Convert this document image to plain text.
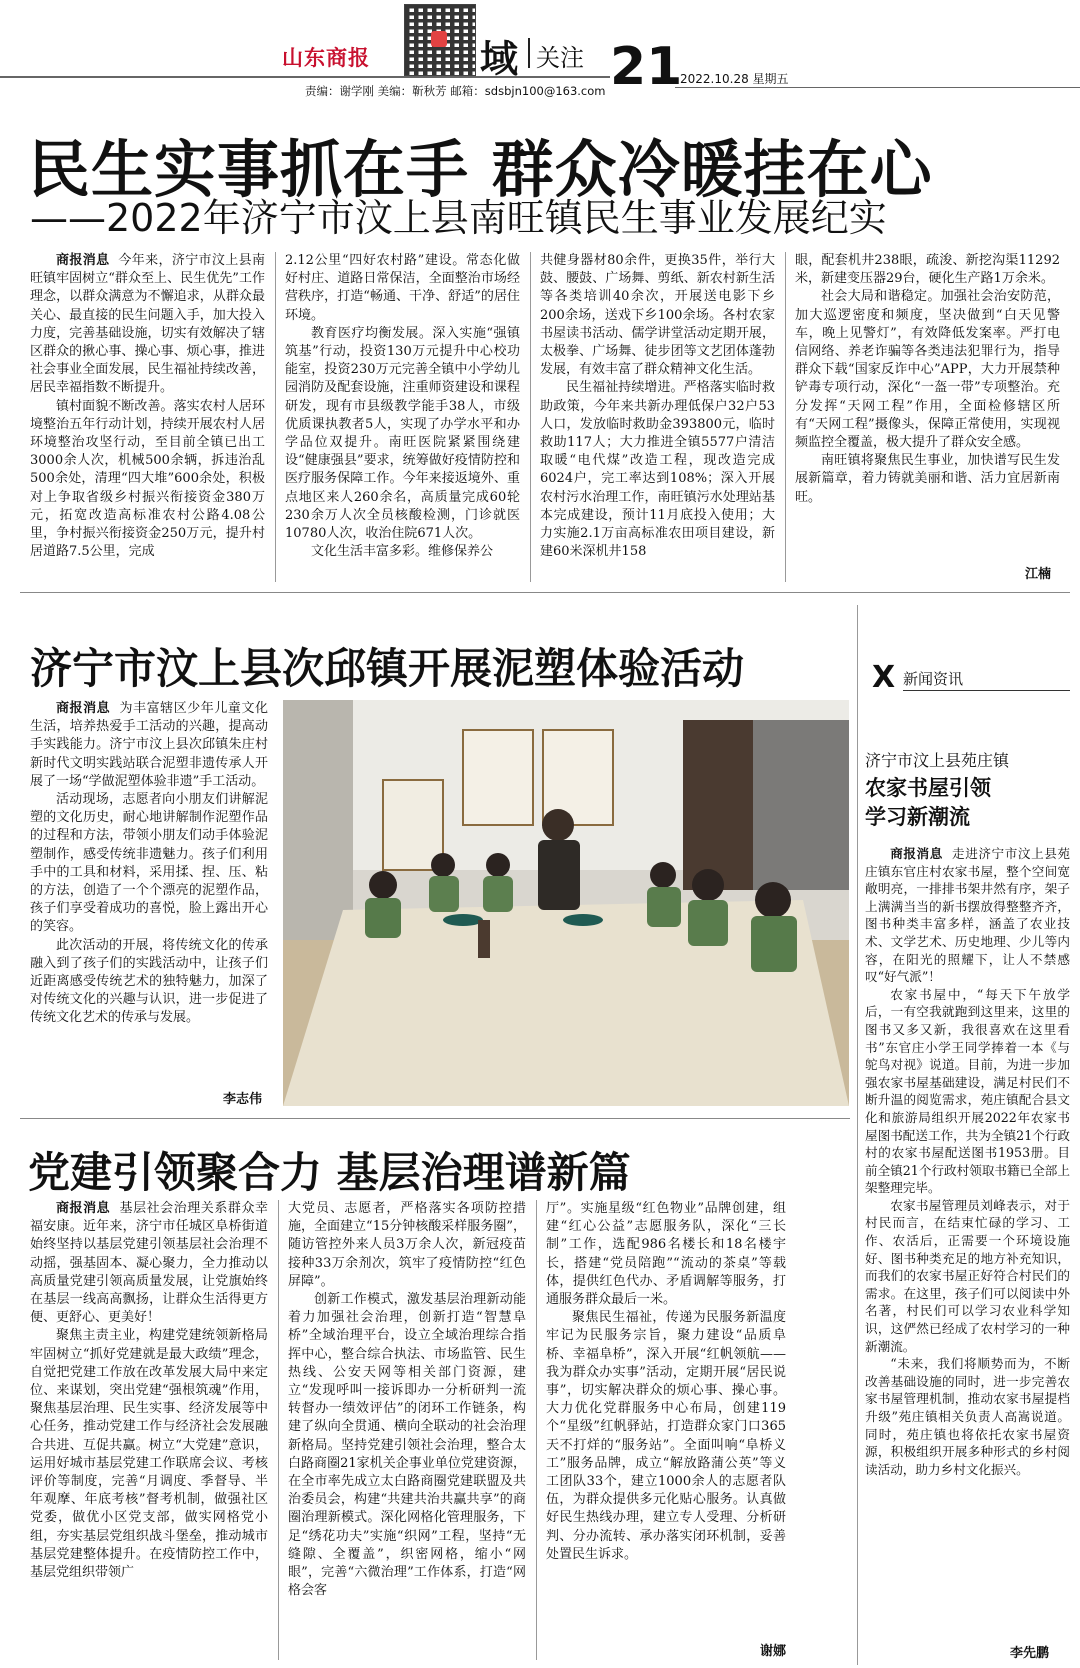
山东商报	域 关注 21
2022.10.28 星期五
责编：谢学刚 美编：靳秋芳 邮箱：sdsbjn100@163.com
民生实事抓在手 群众冷暖挂在心
——2022年济宁市汶上县南旺镇民生事业发展纪实

商报消息 今年来，济宁市汶上县南旺镇牢固树立“群众至上、民生优先”工作理念，以群众满意为不懈追求，从群众最关心、最直接的民生问题入手，加大投入力度，完善基础设施，切实有效解决了辖区群众的揪心事、操心事、烦心事，推进社会事业全面发展，民生福祉持续改善，居民幸福指数不断提升。

镇村面貌不断改善。落实农村人居环境整治五年行动计划，持续开展农村人居环境整治攻坚行动，至目前全镇已出工3000余人次，机械500余辆，拆违治乱500余处，清理“四大堆”600余处，积极对上争取省级乡村振兴衔接资金380万元，拓宽改造高标准农村公路4.08公里，争村振兴衔接资金250万元，提升村居道路7.5公里，完成

2.12公里“四好农村路”建设。常态化做好村庄、道路日常保洁，全面整治市场经营秩序，打造“畅通、干净、舒适”的居住环境。

教育医疗均衡发展。深入实施“强镇筑基”行动，投资130万元提升中心校功能室，投资230万元完善全镇中小学幼儿园消防及配套设施，注重师资建设和课程研发，现有市县级教学能手38人，市级优质课执教者5人，实现了办学水平和办学品位双提升。南旺医院紧紧围绕建设“健康强县”要求，统筹做好疫情防控和医疗服务保障工作。今年来接返境外、重点地区来人260余名，高质量完成60轮230余万人次全员核酸检测，门诊就医10780人次，收治住院671人次。

文化生活丰富多彩。维修保养公

共健身器材80余件，更换35件，举行大鼓、腰鼓、广场舞、剪纸、新农村新生活等各类培训40余次，开展送电影下乡200余场，送戏下乡100余场。各村农家书屋读书活动、儒学讲堂活动定期开展，太极拳、广场舞、徒步团等文艺团体蓬勃发展，有效丰富了群众精神文化生活。

民生福祉持续增进。严格落实临时救助政策，今年来共新办理低保户32户53人口，发放临时救助金393800元，临时救助117人；大力推进全镇5577户清洁取暖“电代煤”改造工程，现改造完成6024户，完工率达到108%；深入开展农村污水治理工作，南旺镇污水处理站基本完成建设，预计11月底投入使用；大力实施2.1万亩高标准农田项目建设，新建60米深机井158

眼，配套机井238眼，疏浚、新挖沟渠11292米，新建变压器29台，硬化生产路1万余米。

社会大局和谐稳定。加强社会治安防范，加大巡逻密度和频度，坚决做到“白天见警车，晚上见警灯”，有效降低发案率。严打电信网络、养老诈骗等各类违法犯罪行为，指导群众下载“国家反诈中心”APP，大力开展禁种铲毒专项行动，深化“一盔一带”专项整治。充分发挥“天网工程”作用，全面检修辖区所有“天网工程”摄像头，保障正常使用，实现视频监控全覆盖，极大提升了群众安全感。

南旺镇将聚焦民生事业，加快谱写民生发展新篇章，着力铸就美丽和谐、活力宜居新南旺。

江楠
济宁市汶上县次邱镇开展泥塑体验活动

商报消息 为丰富辖区少年儿童文化生活，培养热爱手工活动的兴趣，提高动手实践能力。济宁市汶上县次邱镇朱庄村新时代文明实践站联合泥塑非遗传承人开展了一场“学做泥塑体验非遗”手工活动。

活动现场，志愿者向小朋友们讲解泥塑的文化历史，耐心地讲解制作泥塑作品的过程和方法，带领小朋友们动手体验泥塑制作，感受传统非遗魅力。孩子们利用手中的工具和材料，采用揉、捏、压、粘的方法，创造了一个个漂亮的泥塑作品，孩子们享受着成功的喜悦，脸上露出开心的笑容。

此次活动的开展，将传统文化的传承融入到了孩子们的实践活动中，让孩子们近距离感受传统艺术的独特魅力，加深了对传统文化的兴趣与认识，进一步促进了传统文化艺术的传承与发展。

李志伟
党建引领聚合力 基层治理谱新篇

商报消息 基层社会治理关系群众幸福安康。近年来，济宁市任城区阜桥街道始终坚持以基层党建引领基层社会治理不动摇，强基固本、凝心聚力，全力推动以高质量党建引领高质量发展，让党旗始终在基层一线高高飘扬，让群众生活得更方便、更舒心、更美好！

聚焦主责主业，构建党建统领新格局牢固树立“抓好党建就是最大政绩”理念，自觉把党建工作放在改革发展大局中来定位、来谋划，突出党建“强根筑魂”作用，聚焦基层治理、民生实事、经济发展等中心任务，推动党建工作与经济社会发展融合共进、互促共赢。树立“大党建”意识，运用好城市基层党建工作联席会议、考核评价等制度，完善“月调度、季督导、半年观摩、年底考核”督考机制，做强社区党委，做优小区党支部，做实网格党小组，夯实基层党组织战斗堡垒，推动城市基层党建整体提升。在疫情防控工作中，基层党组织带领广

大党员、志愿者，严格落实各项防控措施，全面建立“15分钟核酸采样服务圈”，随访管控外来人员3万余人次，新冠疫苗接种33万余剂次，筑牢了疫情防控“红色屏障”。

创新工作模式，激发基层治理新动能着力加强社会治理，创新打造“智慧阜桥”全域治理平台，设立全域治理综合指挥中心，整合综合执法、市场监管、民生热线、公安天网等相关部门资源，建立“发现呼叫一接诉即办一分析研判一流转督办一绩效评估”的闭环工作链条，构建了纵向全贯通、横向全联动的社会治理新格局。坚持党建引领社会治理，整合太白路商圈21家机关企事业单位党建资源，在全市率先成立太白路商圈党建联盟及共治委员会，构建“共建共治共赢共享”的商圈治理新模式。深化网格化管理服务，下足“绣花功夫”实施“织网”工程，坚持“无缝隙、全覆盖”，织密网格，缩小“网眼”，完善“六微治理”工作体系，打造“网格会客

厅”。实施星级“红色物业”品牌创建，组建“红心公益”志愿服务队，深化“三长制”工作，选配986名楼长和18名楼宇长，搭建“党员陪跑”“流动的茶桌”等载体，提供红色代办、矛盾调解等服务，打通服务群众最后一米。

聚焦民生福祉，传递为民服务新温度牢记为民服务宗旨，聚力建设“品质阜桥、幸福阜桥”，深入开展“红帆领航——我为群众办实事”活动，定期开展“居民说事”，切实解决群众的烦心事、操心事。大力优化党群服务中心布局，创建119个“星级”红帆驿站，打造群众家门口365天不打烊的“服务站”。全面叫响“阜桥义工”服务品牌，成立“解放路蒲公英”等义工团队33个，建立1000余人的志愿者队伍，为群众提供多元化贴心服务。认真做好民生热线办理，建立专人受理、分析研判、分办流转、承办落实闭环机制，妥善处置民生诉求。

谢娜
X 新闻资讯
济宁市汶上县苑庄镇
农家书屋引领
学习新潮流

商报消息 走进济宁市汶上县苑庄镇东官庄村农家书屋，整个空间宽敞明亮，一排排书架井然有序，架子上满满当当的新书摆放得整整齐齐，图书种类丰富多样，涵盖了农业技术、文学艺术、历史地理、少儿等内容，在阳光的照耀下，让人不禁感叹“好气派”！

农家书屋中，“每天下午放学后，一有空我就跑到这里来，这里的图书又多又新，我很喜欢在这里看书”东官庄小学王同学捧着一本《与鸵鸟对视》说道。目前，为进一步加强农家书屋基础建设，满足村民们不断升温的阅览需求，苑庄镇配合县文化和旅游局组织开展2022年农家书屋图书配送工作，共为全镇21个行政村的农家书屋配送图书1953册。目前全镇21个行政村领取书籍已全部上架整理完毕。

农家书屋管理员刘峰表示，对于村民而言，在结束忙碌的学习、工作、农活后，正需要一个环境设施好、图书种类充足的地方补充知识，而我们的农家书屋正好符合村民们的需求。在这里，孩子们可以阅读中外名著，村民们可以学习农业科学知识，这俨然已经成了农村学习的一种新潮流。

“未来，我们将顺势而为，不断改善基础设施的同时，进一步完善农家书屋管理机制，推动农家书屋提档升级”苑庄镇相关负责人高嵩说道。同时，苑庄镇也将依托农家书屋资源，积极组织开展多种形式的乡村阅读活动，助力乡村文化振兴。

李先鹏
